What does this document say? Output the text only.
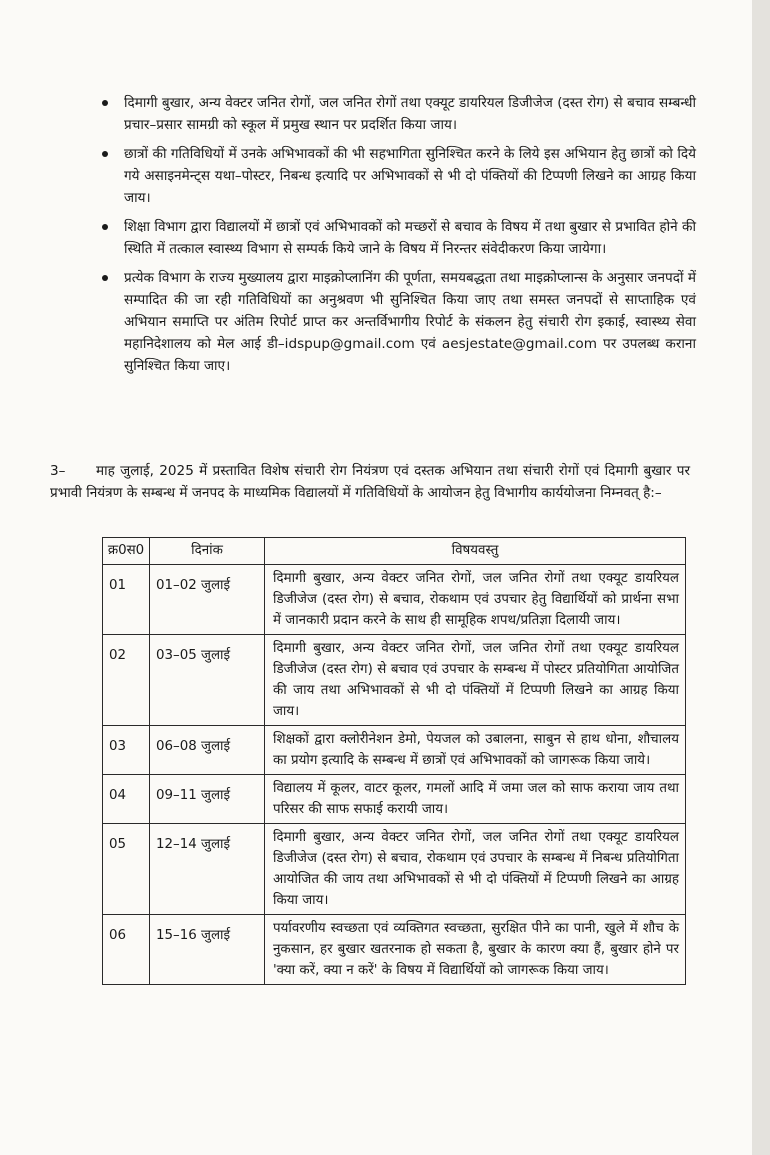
दिमागी बुखार, अन्य वेक्टर जनित रोगों, जल जनित रोगों तथा एक्यूट डायरियल डिजीजेज (दस्त रोग) से बचाव सम्बन्धी प्रचार–प्रसार सामग्री को स्कूल में प्रमुख स्थान पर प्रदर्शित किया जाय।
छात्रों की गतिविधियों में उनके अभिभावकों की भी सहभागिता सुनिश्चित करने के लिये इस अभियान हेतु छात्रों को दिये गये असाइनमेन्ट्स यथा–पोस्टर, निबन्ध इत्यादि पर अभिभावकों से भी दो पंक्तियों की टिप्पणी लिखने का आग्रह किया जाय।
शिक्षा विभाग द्वारा विद्यालयों में छात्रों एवं अभिभावकों को मच्छरों से बचाव के विषय में तथा बुखार से प्रभावित होने की स्थिति में तत्काल स्वास्थ्य विभाग से सम्पर्क किये जाने के विषय में निरन्तर संवेदीकरण किया जायेगा।
प्रत्येक विभाग के राज्य मुख्यालय द्वारा माइक्रोप्लानिंग की पूर्णता, समयबद्धता तथा माइक्रोप्लान्स के अनुसार जनपदों में सम्पादित की जा रही गतिविधियों का अनुश्रवण भी सुनिश्चित किया जाए तथा समस्त जनपदों से साप्ताहिक एवं अभियान समाप्ति पर अंतिम रिपोर्ट प्राप्त कर अन्तर्विभागीय रिपोर्ट के संकलन हेतु संचारी रोग इकाई, स्वास्थ्य सेवा महानिदेशालय को मेल आई डी–idspup@gmail.com एवं aesjestate@gmail.com पर उपलब्ध कराना सुनिश्चित किया जाए।
3– माह जुलाई, 2025 में प्रस्तावित विशेष संचारी रोग नियंत्रण एवं दस्तक अभियान तथा संचारी रोगों एवं दिमागी बुखार पर प्रभावी नियंत्रण के सम्बन्ध में जनपद के माध्यमिक विद्यालयों में गतिविधियों के आयोजन हेतु विभागीय कार्ययोजना निम्नवत् है:–
क्र0स0	दिनांक	विषयवस्तु
01	01–02 जुलाई	दिमागी बुखार, अन्य वेक्टर जनित रोगों, जल जनित रोगों तथा एक्यूट डायरियल डिजीजेज (दस्त रोग) से बचाव, रोकथाम एवं उपचार हेतु विद्यार्थियों को प्रार्थना सभा में जानकारी प्रदान करने के साथ ही सामूहिक शपथ/प्रतिज्ञा दिलायी जाय।
02	03–05 जुलाई	दिमागी बुखार, अन्य वेक्टर जनित रोगों, जल जनित रोगों तथा एक्यूट डायरियल डिजीजेज (दस्त रोग) से बचाव एवं उपचार के सम्बन्ध में पोस्टर प्रतियोगिता आयोजित की जाय तथा अभिभावकों से भी दो पंक्तियों में टिप्पणी लिखने का आग्रह किया जाय।
03	06–08 जुलाई	शिक्षकों द्वारा क्लोरीनेशन डेमो, पेयजल को उबालना, साबुन से हाथ धोना, शौचालय का प्रयोग इत्यादि के सम्बन्ध में छात्रों एवं अभिभावकों को जागरूक किया जाये।
04	09–11 जुलाई	विद्यालय में कूलर, वाटर कूलर, गमलों आदि में जमा जल को साफ कराया जाय तथा परिसर की साफ सफाई करायी जाय।
05	12–14 जुलाई	दिमागी बुखार, अन्य वेक्टर जनित रोगों, जल जनित रोगों तथा एक्यूट डायरियल डिजीजेज (दस्त रोग) से बचाव, रोकथाम एवं उपचार के सम्बन्ध में निबन्ध प्रतियोगिता आयोजित की जाय तथा अभिभावकों से भी दो पंक्तियों में टिप्पणी लिखने का आग्रह किया जाय।
06	15–16 जुलाई	पर्यावरणीय स्वच्छता एवं व्यक्तिगत स्वच्छता, सुरक्षित पीने का पानी, खुले में शौच के नुकसान, हर बुखार खतरनाक हो सकता है, बुखार के कारण क्या हैं, बुखार होने पर 'क्या करें, क्या न करें' के विषय में विद्यार्थियों को जागरूक किया जाय।
